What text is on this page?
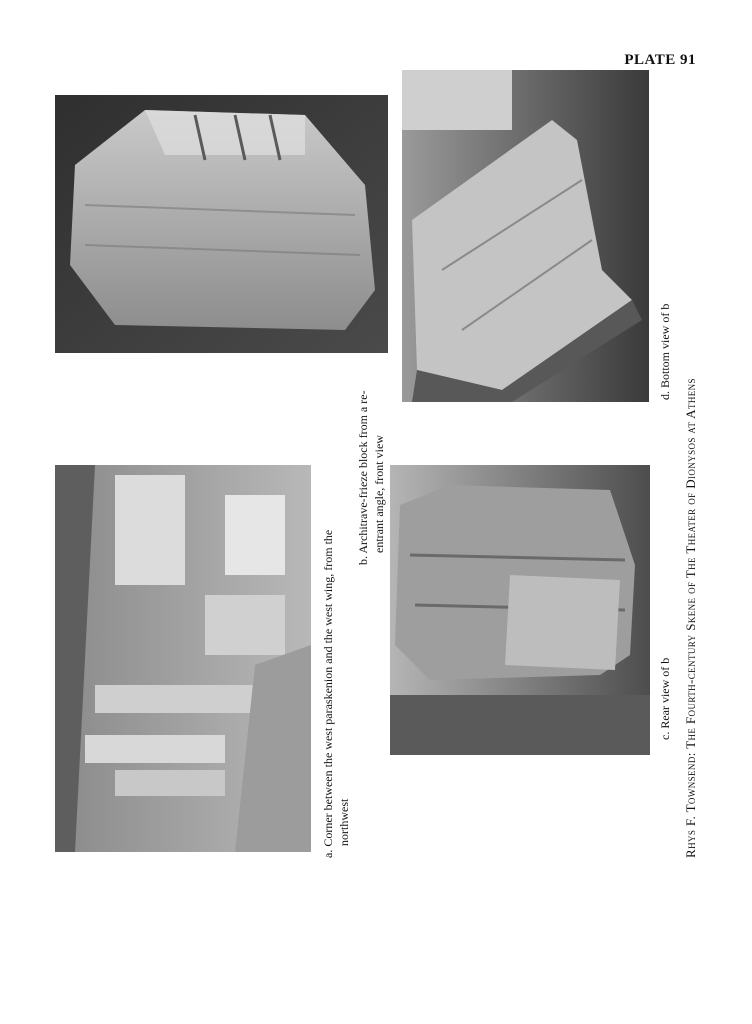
PLATE 91
a. Corner between the west paraskenion and the west wing, from the northwest
b. Architrave-frieze block from a re- entrant angle, front view
c. Rear view of b
d. Bottom view of b
Rhys F. Townsend: The Fourth-century Skene of The Theater of Dionysos at Athens
